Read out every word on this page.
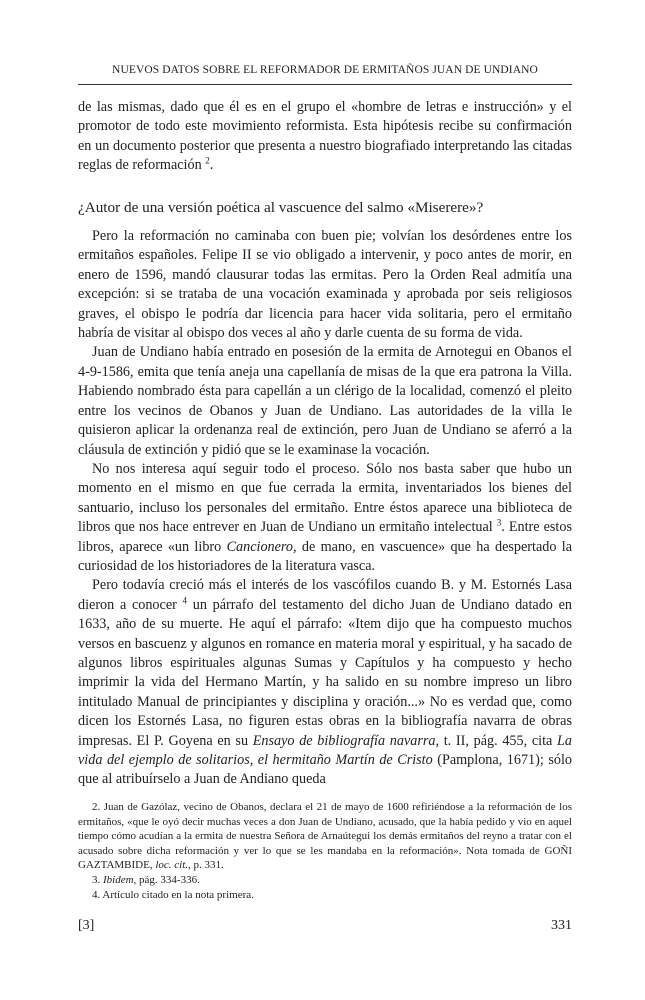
NUEVOS DATOS SOBRE EL REFORMADOR DE ERMITAÑOS JUAN DE UNDIANO

de las mismas, dado que él es en el grupo el «hombre de letras e instrucción» y el promotor de todo este movimiento reformista. Esta hipótesis recibe su confirmación en un documento posterior que presenta a nuestro biografiado interpretando las citadas reglas de reformación $^2$.

¿Autor de una versión poética al vascuence del salmo «Miserere»?

Pero la reformación no caminaba con buen pie; volvían los desórdenes entre los ermitaños españoles. Felipe II se vio obligado a intervenir, y poco antes de morir, en enero de 1596, mandó clausurar todas las ermitas. Pero la Orden Real admitía una excepción: si se trataba de una vocación examinada y aprobada por seis religiosos graves, el obispo le podría dar licencia para hacer vida solitaria, pero el ermitaño habría de visitar al obispo dos veces al año y darle cuenta de su forma de vida.

Juan de Undiano había entrado en posesión de la ermita de Arnotegui en Obanos el 4-9-1586, emita que tenía aneja una capellanía de misas de la que era patrona la Villa. Habiendo nombrado ésta para capellán a un clérigo de la localidad, comenzó el pleito entre los vecinos de Obanos y Juan de Undiano. Las autoridades de la villa le quisieron aplicar la ordenanza real de extinción, pero Juan de Undiano se aferró a la cláusula de extinción y pidió que se le examinase la vocación.

No nos interesa aquí seguir todo el proceso. Sólo nos basta saber que hubo un momento en el mismo en que fue cerrada la ermita, inventariados los bienes del santuario, incluso los personales del ermitaño. Entre éstos aparece una biblioteca de libros que nos hace entrever en Juan de Undiano un ermitaño intelectual $^3$. Entre estos libros, aparece «un libro Cancionero, de mano, en vascuence» que ha despertado la curiosidad de los historiadores de la literatura vasca.

Pero todavía creció más el interés de los vascófilos cuando B. y M. Estornés Lasa dieron a conocer $^4$ un párrafo del testamento del dicho Juan de Undiano datado en 1633, año de su muerte. He aquí el párrafo: «Item dijo que ha compuesto muchos versos en bascuenz y algunos en romance en materia moral y espiritual, y ha sacado de algunos libros espirituales algunas Sumas y Capítulos y ha compuesto y hecho imprimir la vida del Hermano Martín, y ha salido en su nombre impreso un libro intitulado Manual de principiantes y disciplina y oración...» No es verdad que, como dicen los Estornés Lasa, no figuren estas obras en la bibliografía navarra de obras impresas. El P. Goyena en su Ensayo de bibliografía navarra, t. II, pág. 455, cita La vida del ejemplo de solitarios, el hermitaño Martín de Cristo (Pamplona, 1671); sólo que al atribuírselo a Juan de Andiano queda

2. Juan de Gazólaz, vecino de Obanos, declara el 21 de mayo de 1600 refiriéndose a la reformación de los ermitaños, «que le oyó decir muchas veces a don Juan de Undiano, acusado, que la había pedido y vio en aquel tiempo cómo acudían a la ermita de nuestra Señora de Arnaútegui los demás ermitaños del reyno a tratar con el acusado sobre dicha reformación y ver lo que se les mandaba en la reformación». Nota tomada de GOÑI GAZTAMBIDE, loc. cit., p. 331.

3. Ibidem, pág. 334-336.

4. Artículo citado en la nota primera.

[3]	331
